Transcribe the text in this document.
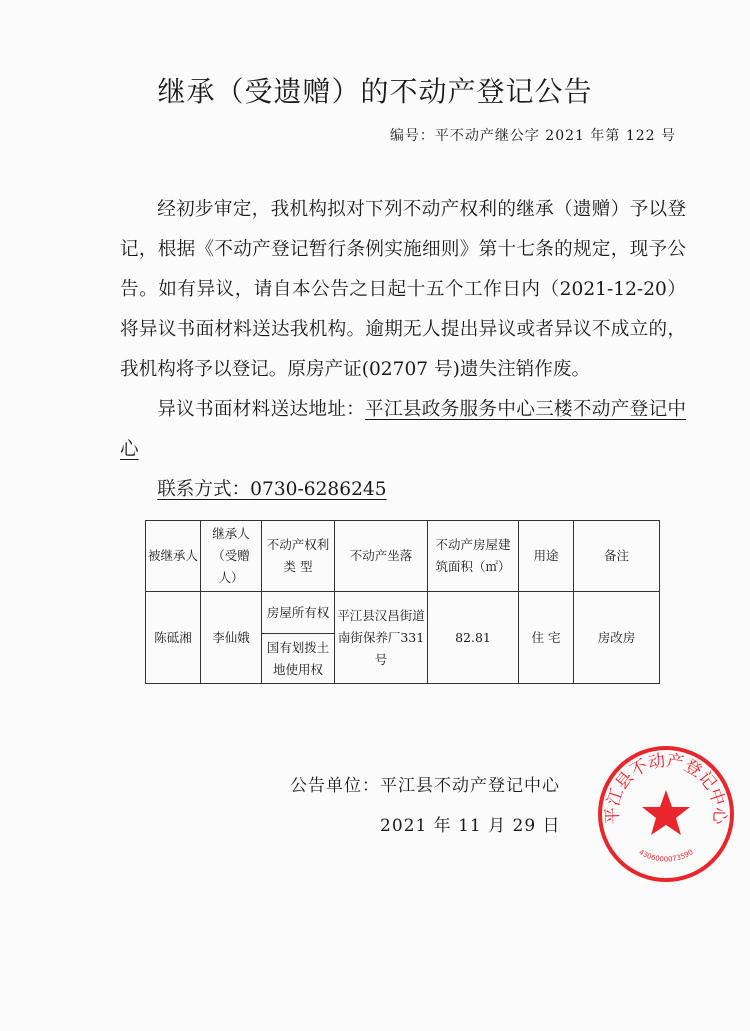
继承（受遗赠）的不动产登记公告
编号：平不动产继公字 2021 年第 122 号

经初步审定，我机构拟对下列不动产权利的继承（遗赠）予以登记，根据《不动产登记暂行条例实施细则》第十七条的规定，现予公告。如有异议，请自本公告之日起十五个工作日内（2021-12-20）将异议书面材料送达我机构。逾期无人提出异议或者异议不成立的，我机构将予以登记。原房产证(02707 号)遗失注销作废。

异议书面材料送达地址：平江县政务服务中心三楼不动产登记中心

联系方式：0730-6286245

被继承人	继承人（受赠人）	不动产权利类 型	不动产坐落	不动产房屋建筑面积（㎡）	用途	备注
陈砥湘	李仙娥	房屋所有权	平江县汉昌街道南街保养厂331号	82.81	住 宅	房改房
		国有划拨土地使用权				
公告单位：平江县不动产登记中心
2021 年 11 月 29 日
平江县不动产登记中心
4306000073590
